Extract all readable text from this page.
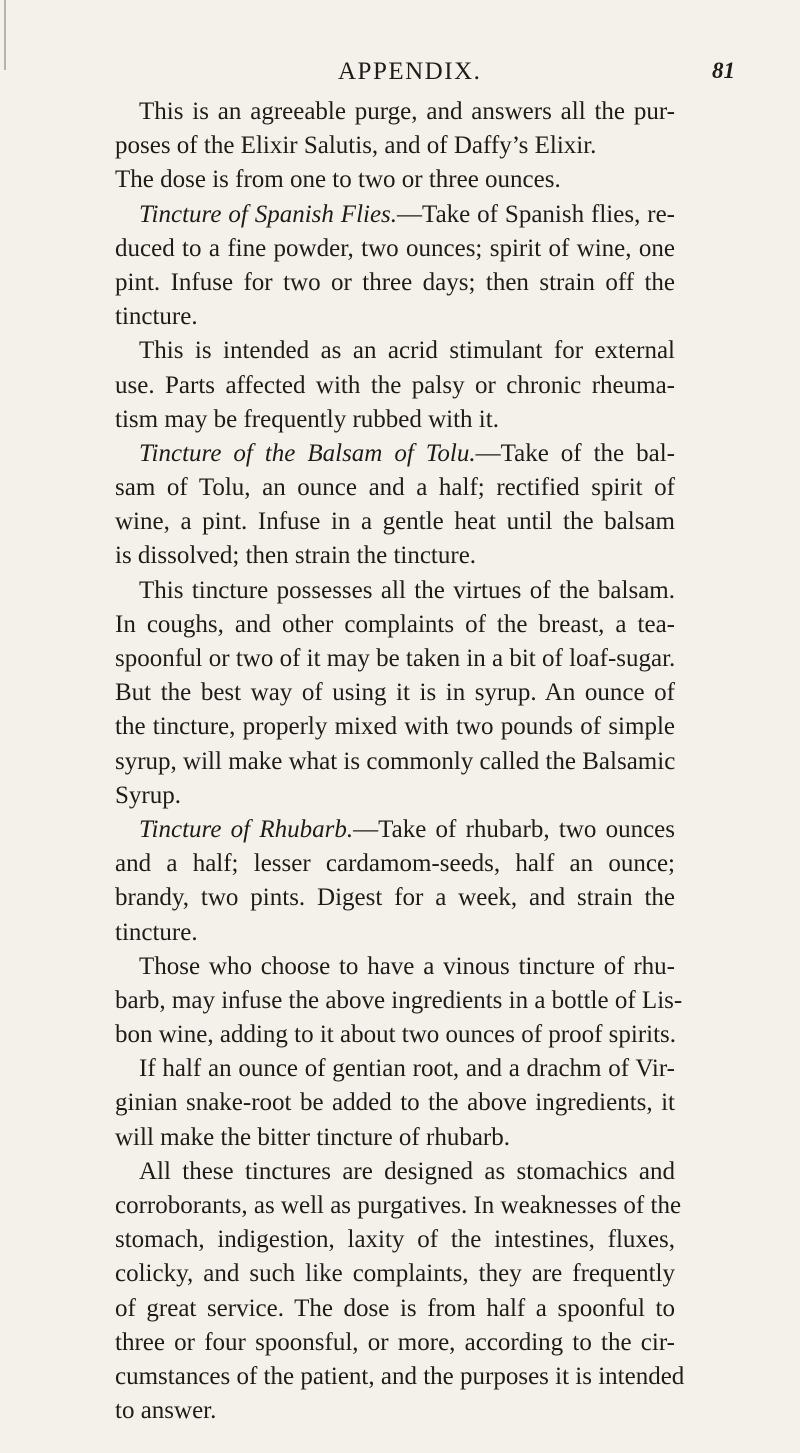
APPENDIX.	81
This is an agreeable purge, and answers all the pur-
poses of the Elixir Salutis, and of Daffy’s Elixir.
The dose is from one to two or three ounces.
Tincture of Spanish Flies.—Take of Spanish flies, re-
duced to a fine powder, two ounces; spirit of wine, one
pint. Infuse for two or three days; then strain off the
tincture.
This is intended as an acrid stimulant for external
use. Parts affected with the palsy or chronic rheuma-
tism may be frequently rubbed with it.
Tincture of the Balsam of Tolu.—Take of the bal-
sam of Tolu, an ounce and a half; rectified spirit of
wine, a pint. Infuse in a gentle heat until the balsam
is dissolved; then strain the tincture.
This tincture possesses all the virtues of the balsam.
In coughs, and other complaints of the breast, a tea-
spoonful or two of it may be taken in a bit of loaf-sugar.
But the best way of using it is in syrup. An ounce of
the tincture, properly mixed with two pounds of simple
syrup, will make what is commonly called the Balsamic
Syrup.
Tincture of Rhubarb.—Take of rhubarb, two ounces
and a half; lesser cardamom-seeds, half an ounce;
brandy, two pints. Digest for a week, and strain the
tincture.
Those who choose to have a vinous tincture of rhu-
barb, may infuse the above ingredients in a bottle of Lis-
bon wine, adding to it about two ounces of proof spirits.
If half an ounce of gentian root, and a drachm of Vir-
ginian snake-root be added to the above ingredients, it
will make the bitter tincture of rhubarb.
All these tinctures are designed as stomachics and
corroborants, as well as purgatives. In weaknesses of the
stomach, indigestion, laxity of the intestines, fluxes,
colicky, and such like complaints, they are frequently
of great service. The dose is from half a spoonful to
three or four spoonsful, or more, according to the cir-
cumstances of the patient, and the purposes it is intended
to answer.
